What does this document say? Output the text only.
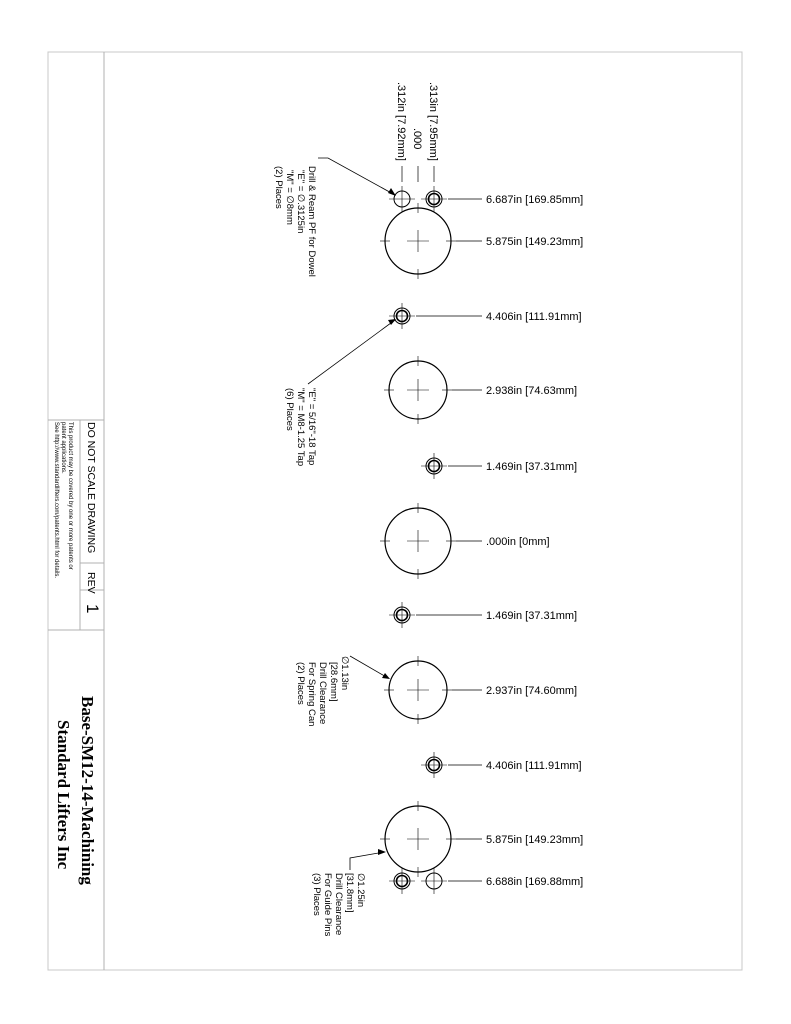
DO NOT SCALE DRAWING
This product may be covered by one or more patents or
patent applications.
See http://www.standardlifters.com/patents.html for details.
REV
1
Base-SM12-14-Machining
Standard Lifters Inc
.313in [7.95mm]
.000
.312in [7.92mm]
6.687in [169.85mm]
5.875in [149.23mm]
4.406in [111.91mm]
2.938in [74.63mm]
1.469in [37.31mm]
.000in [0mm]
1.469in [37.31mm]
2.937in [74.60mm]
4.406in [111.91mm]
5.875in [149.23mm]
6.688in [169.88mm]
Drill & Ream PF for Dowel
"E" = ∅.3125in
"M" = ∅8mm
(2) Places
"E" = 5/16"-18 Tap
"M" = M8-1.25 Tap
(6) Places
∅1.13in
[28.6mm]
Drill Clearance
For Spring Can
(2) Places
∅1.25in
[31.8mm]
Drill Clearance
For Guide Pins
(3) Places
